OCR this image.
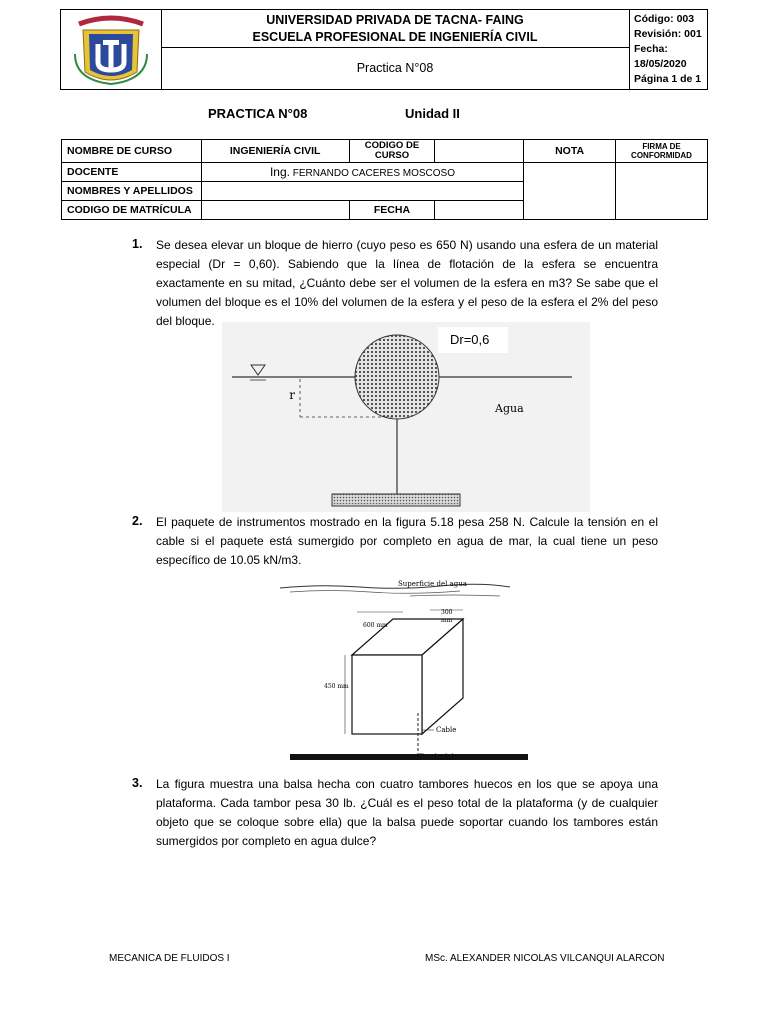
UNIVERSIDAD PRIVADA DE TACNA- FAING
ESCUELA PROFESIONAL DE INGENIERÍA CIVIL
Practica N°08
Código: 003
Revisión: 001
Fecha: 18/05/2020
Página 1 de 1
PRACTICA N°08	Unidad II
NOMBRE DE CURSO	INGENIERÍA CIVIL	CODIGO DE CURSO		NOTA	FIRMA DE CONFORMIDAD
DOCENTE	Ing. FERNANDO CACERES MOSCOSO				
NOMBRES Y APELLIDOS					
CODIGO DE MATRÍCULA		FECHA			
1. Se desea elevar un bloque de hierro (cuyo peso es 650 N) usando una esfera de un material especial (Dr = 0,60). Sabiendo que la línea de flotación de la esfera se encuentra exactamente en su mitad, ¿Cuánto debe ser el volumen de la esfera en m3? Se sabe que el volumen del bloque es el 10% del volumen de la esfera y el peso de la esfera el 2% del peso del bloque.
r
Agua
Dr=0,6
2. El paquete de instrumentos mostrado en la figura 5.18 pesa 258 N. Calcule la tensión en el cable si el paquete está sumergido por completo en agua de mar, la cual tiene un peso específico de 10.05 kN/m3.
Superficie del agua
600 mm
300
mm
450 mm
Cable
3. La figura muestra una balsa hecha con cuatro tambores huecos en los que se apoya una plataforma. Cada tambor pesa 30 lb. ¿Cuál es el peso total de la plataforma (y de cualquier objeto que se coloque sobre ella) que la balsa puede soportar cuando los tambores están sumergidos por completo en agua dulce?
MECANICA DE FLUIDOS I	MSc. ALEXANDER NICOLAS VILCANQUI ALARCON
